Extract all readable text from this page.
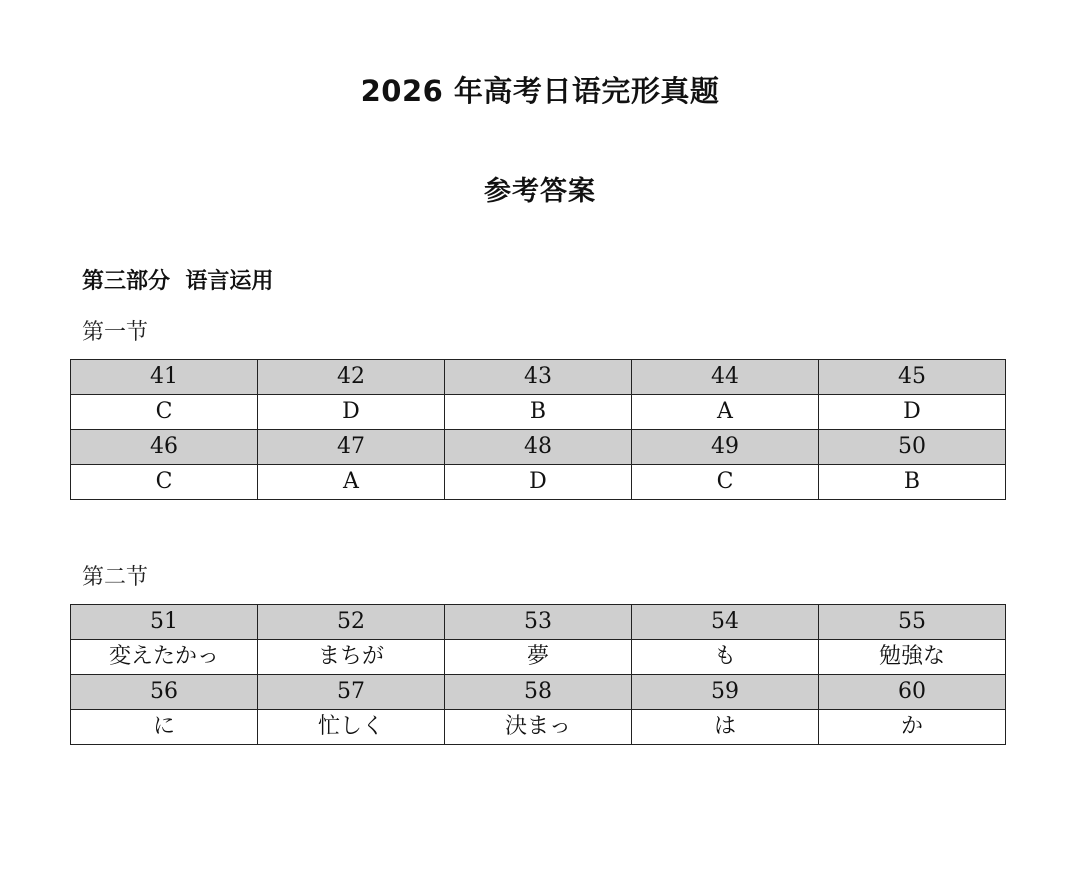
2026 年高考日语完形真题
参考答案
第三部分  语言运用
第一节
41	42	43	44	45
C	D	B	A	D
46	47	48	49	50
C	A	D	C	B
第二节
51	52	53	54	55
変えたかっ	まちが	夢	も	勉強な
56	57	58	59	60
に	忙しく	決まっ	は	か
